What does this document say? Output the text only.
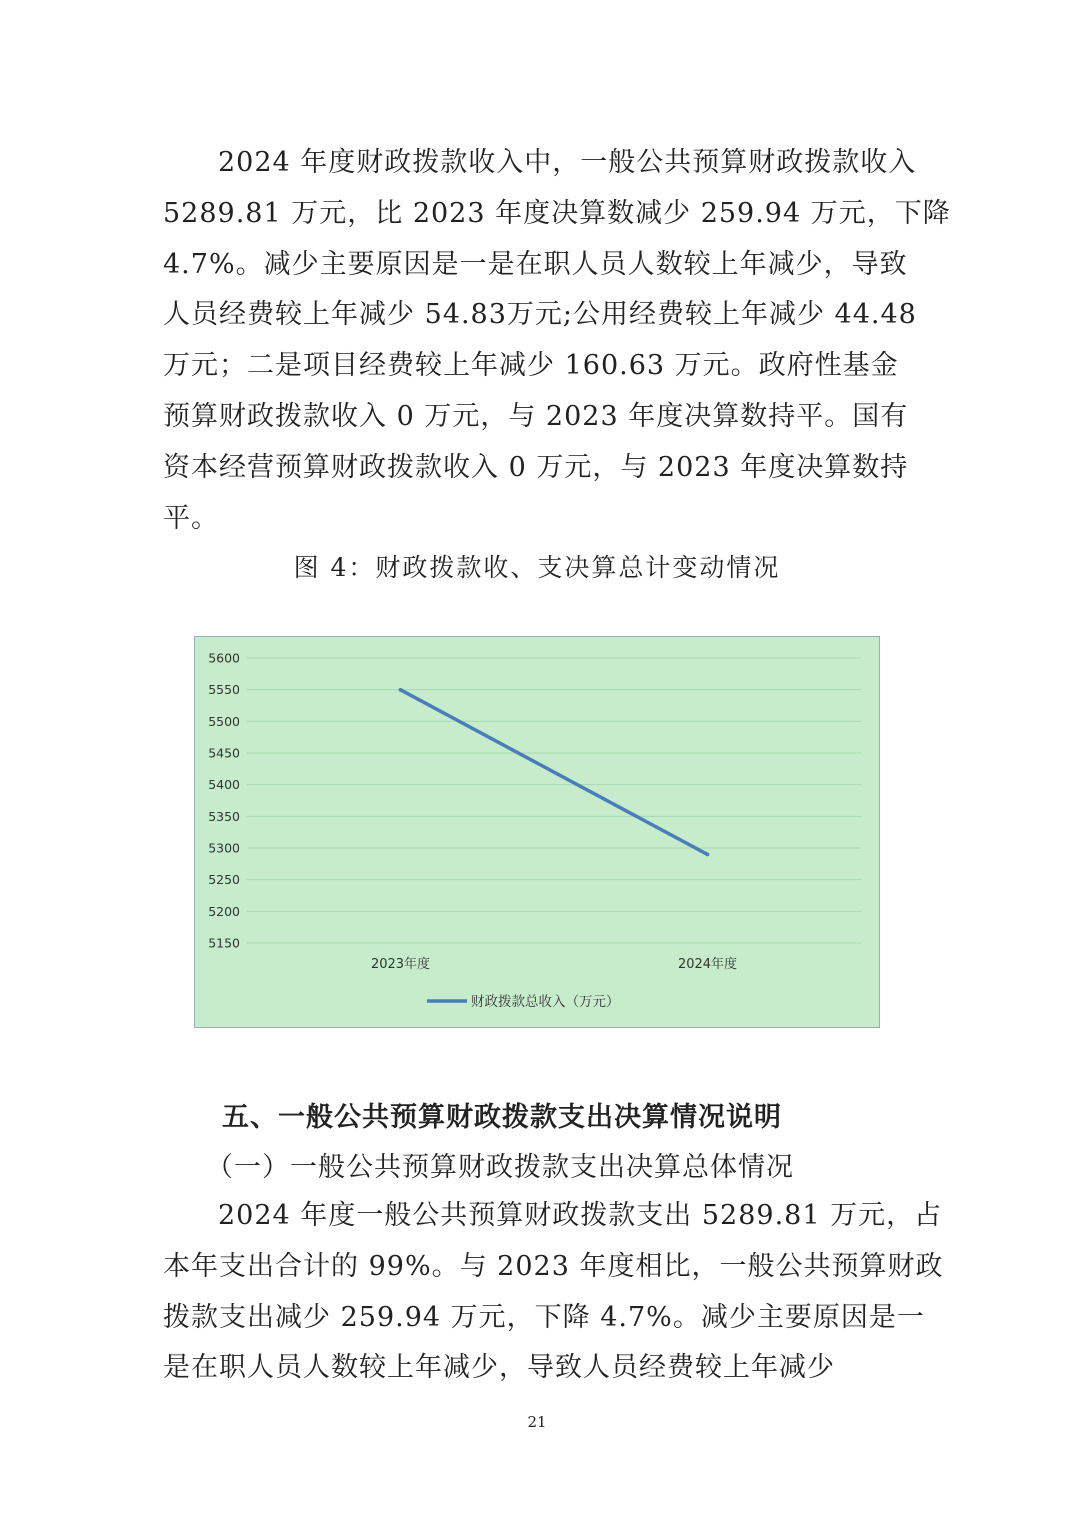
2024 年度财政拨款收入中，一般公共预算财政拨款收入
5289.81 万元，比 2023 年度决算数减少 259.94 万元，下降
4.7%。减少主要原因是一是在职人员人数较上年减少，导致
人员经费较上年减少 54.83万元;公用经费较上年减少 44.48
万元；二是项目经费较上年减少 160.63 万元。政府性基金
预算财政拨款收入 0 万元，与 2023 年度决算数持平。国有
资本经营预算财政拨款收入 0 万元，与 2023 年度决算数持
平。

图 4：财政拨款收、支决算总计变动情况

5600
5550
5500
5450
5400
5350
5300
5250
5200
5150
2023年度	2024年度
财政拨款总收入（万元）

五、一般公共预算财政拨款支出决算情况说明

（一）一般公共预算财政拨款支出决算总体情况

2024 年度一般公共预算财政拨款支出 5289.81 万元，占
本年支出合计的 99%。与 2023 年度相比，一般公共预算财政
拨款支出减少 259.94 万元，下降 4.7%。减少主要原因是一
是在职人员人数较上年减少，导致人员经费较上年减少
21
